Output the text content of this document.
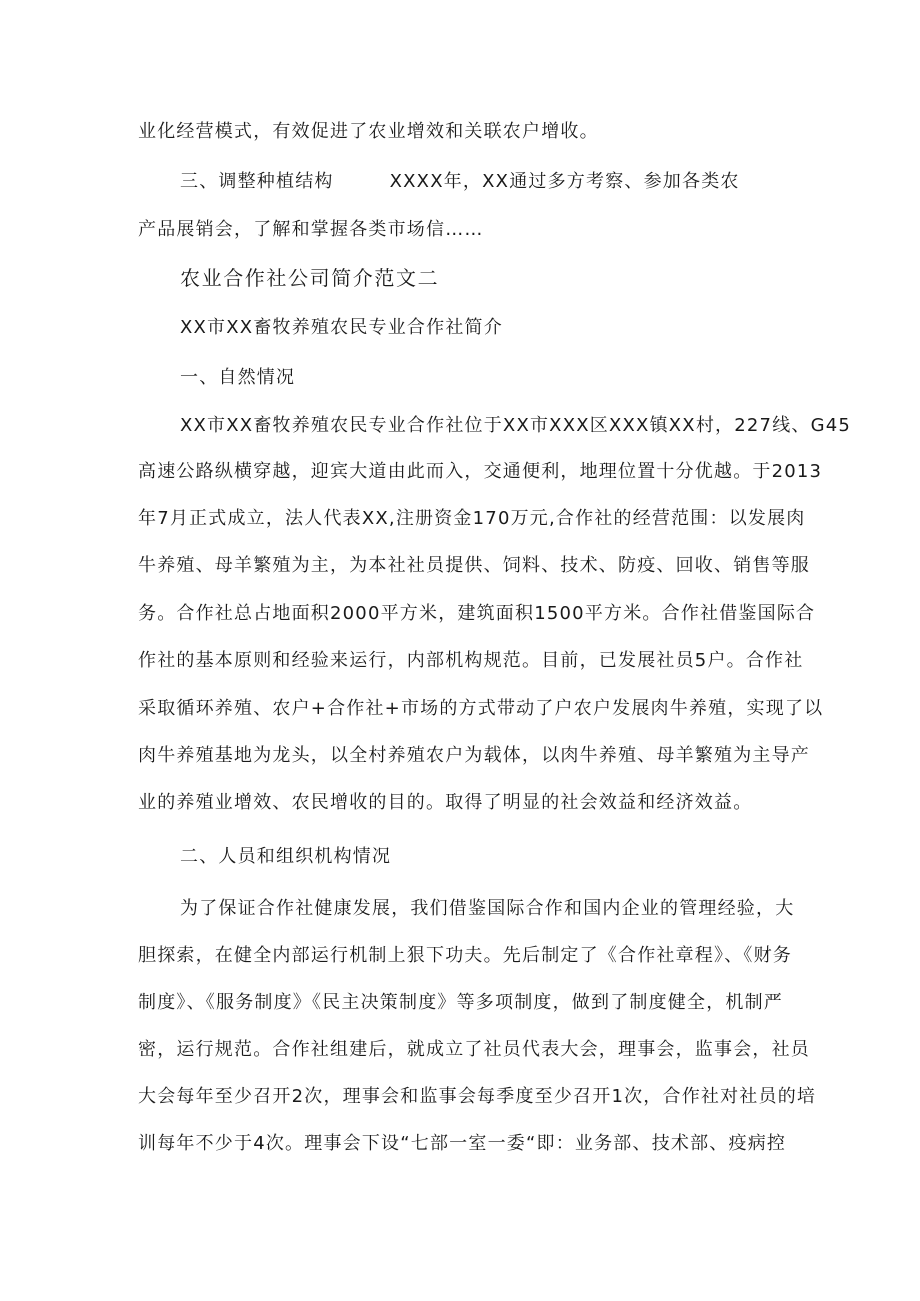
业化经营模式，有效促进了农业增效和关联农户增收。
三、调整种植结构	XXXX年，XX通过多方考察、参加各类农
产品展销会，了解和掌握各类市场信……
农业合作社公司简介范文二
XX市XX畜牧养殖农民专业合作社简介
一、自然情况
XX市XX畜牧养殖农民专业合作社位于XX市XXX区XXX镇XX村，227线、G45
高速公路纵横穿越，迎宾大道由此而入，交通便利，地理位置十分优越。于2013
年7月正式成立，法人代表XX,注册资金170万元,合作社的经营范围：以发展肉
牛养殖、母羊繁殖为主，为本社社员提供、饲料、技术、防疫、回收、销售等服
务。合作社总占地面积2000平方米，建筑面积1500平方米。合作社借鉴国际合
作社的基本原则和经验来运行，内部机构规范。目前，已发展社员5户。合作社
采取循环养殖、农户+合作社+市场的方式带动了户农户发展肉牛养殖，实现了以
肉牛养殖基地为龙头，以全村养殖农户为载体，以肉牛养殖、母羊繁殖为主导产
业的养殖业增效、农民增收的目的。取得了明显的社会效益和经济效益。
二、人员和组织机构情况
为了保证合作社健康发展，我们借鉴国际合作和国内企业的管理经验，大
胆探索，在健全内部运行机制上狠下功夫。先后制定了《合作社章程》、《财务
制度》、《服务制度》《民主决策制度》等多项制度，做到了制度健全，机制严
密，运行规范。合作社组建后，就成立了社员代表大会，理事会，监事会，社员
大会每年至少召开2次，理事会和监事会每季度至少召开1次，合作社对社员的培
训每年不少于4次。理事会下设“七部一室一委“即：业务部、技术部、疫病控
